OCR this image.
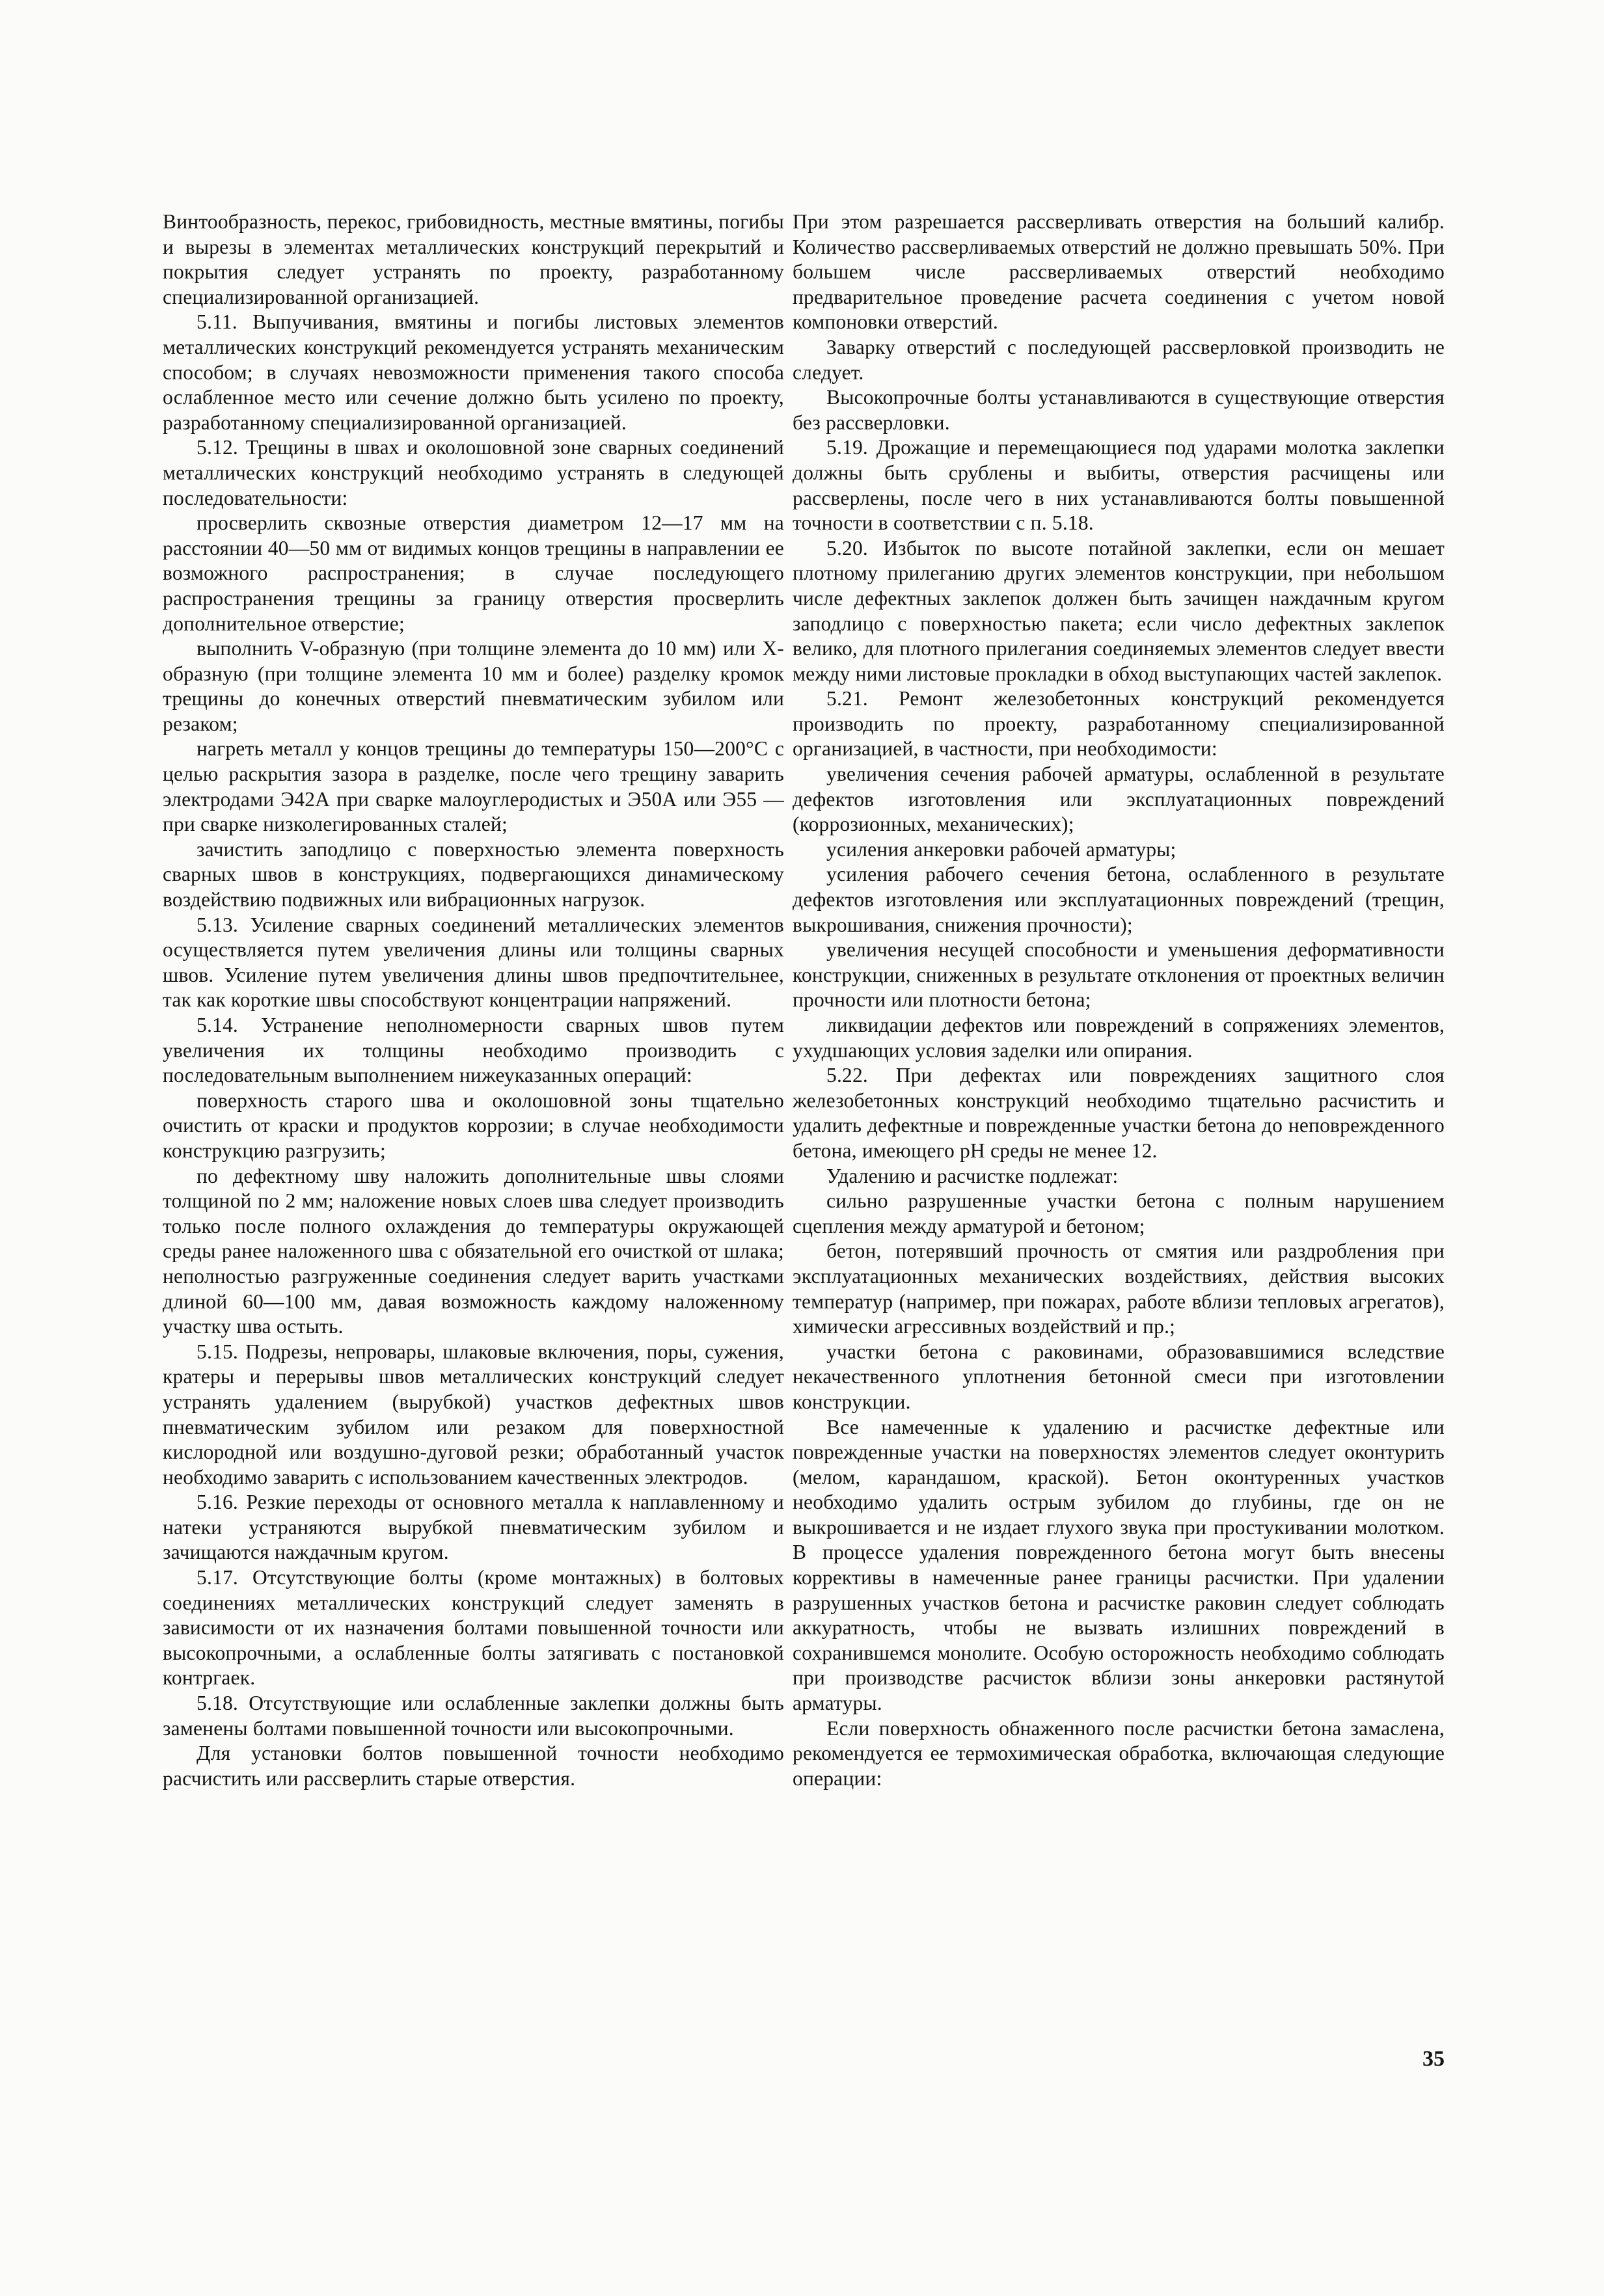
Винтообразность, перекос, грибовидность, местные вмятины, погибы и вырезы в элементах металлических конструкций перекрытий и покрытия следует устранять по проекту, разработанному специализированной организацией.

5.11. Выпучивания, вмятины и погибы листовых элементов металлических конструкций рекомендуется устранять механическим способом; в случаях невозможности применения такого способа ослабленное место или сечение должно быть усилено по проекту, разработанному специализированной организацией.

5.12. Трещины в швах и околошовной зоне сварных соединений металлических конструкций необходимо устранять в следующей последовательности:

просверлить сквозные отверстия диаметром 12—17 мм на расстоянии 40—50 мм от видимых концов трещины в направлении ее возможного распространения; в случае последующего распространения трещины за границу отверстия просверлить дополнительное отверстие;

выполнить V-образную (при толщине элемента до 10 мм) или Х-образную (при толщине элемента 10 мм и более) разделку кромок трещины до конечных отверстий пневматическим зубилом или резаком;

нагреть металл у концов трещины до температуры 150—200°С с целью раскрытия зазора в разделке, после чего трещину заварить электродами Э42А при сварке малоуглеродистых и Э50А или Э55 — при сварке низколегированных сталей;

зачистить заподлицо с поверхностью элемента поверхность сварных швов в конструкциях, подвергающихся динамическому воздействию подвижных или вибрационных нагрузок.

5.13. Усиление сварных соединений металлических элементов осуществляется путем увеличения длины или толщины сварных швов. Усиление путем увеличения длины швов предпочтительнее, так как короткие швы способствуют концентрации напряжений.

5.14. Устранение неполномерности сварных швов путем увеличения их толщины необходимо производить с последовательным выполнением нижеуказанных операций:

поверхность старого шва и околошовной зоны тщательно очистить от краски и продуктов коррозии; в случае необходимости конструкцию разгрузить;

по дефектному шву наложить дополнительные швы слоями толщиной по 2 мм; наложение новых слоев шва следует производить только после полного охлаждения до температуры окружающей среды ранее наложенного шва с обязательной его очисткой от шлака; неполностью разгруженные соединения следует варить участками длиной 60—100 мм, давая возможность каждому наложенному участку шва остыть.

5.15. Подрезы, непровары, шлаковые включения, поры, сужения, кратеры и перерывы швов металлических конструкций следует устранять удалением (вырубкой) участков дефектных швов пневматическим зубилом или резаком для поверхностной кислородной или воздушно-дуговой резки; обработанный участок необходимо заварить с использованием качественных электродов.

5.16. Резкие переходы от основного металла к наплавленному и натеки устраняются вырубкой пневматическим зубилом и зачищаются наждачным кругом.

5.17. Отсутствующие болты (кроме монтажных) в болтовых соединениях металлических конструкций следует заменять в зависимости от их назначения болтами повышенной точности или высокопрочными, а ослабленные болты затягивать с постановкой контргаек.

5.18. Отсутствующие или ослабленные заклепки должны быть заменены болтами повышенной точности или высокопрочными.

Для установки болтов повышенной точности необходимо расчистить или рассверлить старые отверстия.

При этом разрешается рассверливать отверстия на больший калибр. Количество рассверливаемых отверстий не должно превышать 50%. При большем числе рассверливаемых отверстий необходимо предварительное проведение расчета соединения с учетом новой компоновки отверстий.

Заварку отверстий с последующей рассверловкой производить не следует.

Высокопрочные болты устанавливаются в существующие отверстия без рассверловки.

5.19. Дрожащие и перемещающиеся под ударами молотка заклепки должны быть срублены и выбиты, отверстия расчищены или рассверлены, после чего в них устанавливаются болты повышенной точности в соответствии с п. 5.18.

5.20. Избыток по высоте потайной заклепки, если он мешает плотному прилеганию других элементов конструкции, при небольшом числе дефектных заклепок должен быть зачищен наждачным кругом заподлицо с поверхностью пакета; если число дефектных заклепок велико, для плотного прилегания соединяемых элементов следует ввести между ними листовые прокладки в обход выступающих частей заклепок.

5.21. Ремонт железобетонных конструкций рекомендуется производить по проекту, разработанному специализированной организацией, в частности, при необходимости:

увеличения сечения рабочей арматуры, ослабленной в результате дефектов изготовления или эксплуатационных повреждений (коррозионных, механических);

усиления анкеровки рабочей арматуры;

усиления рабочего сечения бетона, ослабленного в результате дефектов изготовления или эксплуатационных повреждений (трещин, выкрошивания, снижения прочности);

увеличения несущей способности и уменьшения деформативности конструкции, сниженных в результате отклонения от проектных величин прочности или плотности бетона;

ликвидации дефектов или повреждений в сопряжениях элементов, ухудшающих условия заделки или опирания.

5.22. При дефектах или повреждениях защитного слоя железобетонных конструкций необходимо тщательно расчистить и удалить дефектные и поврежденные участки бетона до неповрежденного бетона, имеющего pH среды не менее 12.

Удалению и расчистке подлежат:

сильно разрушенные участки бетона с полным нарушением сцепления между арматурой и бетоном;

бетон, потерявший прочность от смятия или раздробления при эксплуатационных механических воздействиях, действия высоких температур (например, при пожарах, работе вблизи тепловых агрегатов), химически агрессивных воздействий и пр.;

участки бетона с раковинами, образовавшимися вследствие некачественного уплотнения бетонной смеси при изготовлении конструкции.

Все намеченные к удалению и расчистке дефектные или поврежденные участки на поверхностях элементов следует оконтурить (мелом, карандашом, краской). Бетон оконтуренных участков необходимо удалить острым зубилом до глубины, где он не выкрошивается и не издает глухого звука при простукивании молотком. В процессе удаления поврежденного бетона могут быть внесены коррективы в намеченные ранее границы расчистки. При удалении разрушенных участков бетона и расчистке раковин следует соблюдать аккуратность, чтобы не вызвать излишних повреждений в сохранившемся монолите. Особую осторожность необходимо соблюдать при производстве расчисток вблизи зоны анкеровки растянутой арматуры.

Если поверхность обнаженного после расчистки бетона замаслена, рекомендуется ее термохимическая обработка, включающая следующие операции:

35
